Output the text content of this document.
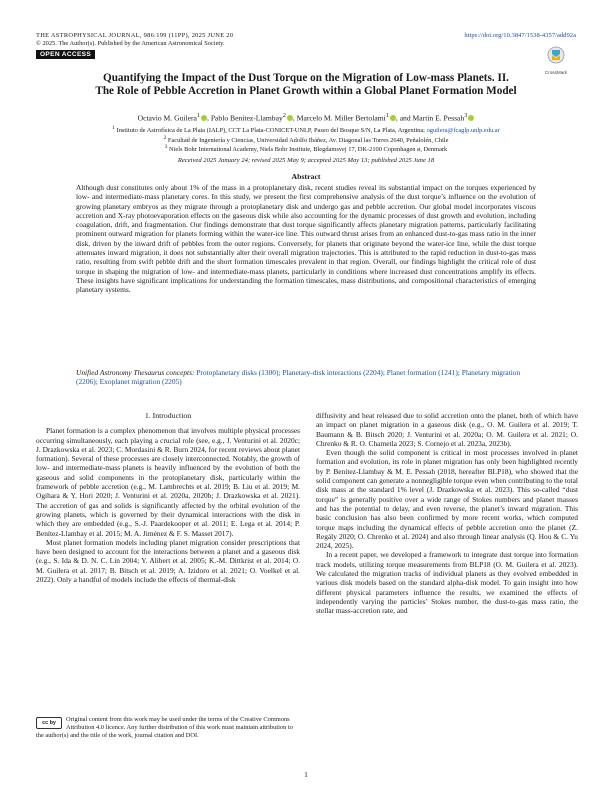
THE ASTROPHYSICAL JOURNAL, 986:199 (11PP), 2025 JUNE 20
© 2025. The Author(s). Published by the American Astronomical Society.
https://doi.org/10.3847/1538-4357/add92a
OPEN ACCESS
CrossMark
Quantifying the Impact of the Dust Torque on the Migration of Low-mass Planets. II.
The Role of Pebble Accretion in Planet Growth within a Global Planet Formation Model
Octavio M. Guilera$^1$ , Pablo Benítez-Llambay$^2$ , Marcelo M. Miller Bertolami$^1$ , and Martin E. Pessah$^3$
$^1$ Instituto de Astrofísica de La Plata (IALP), CCT La Plata-CONICET-UNLP, Paseo del Bosque S/N, La Plata, Argentina; oguilera@fcaglp.unlp.edu.ar
$^2$ Facultad de Ingeniería y Ciencias, Universidad Adolfo Ibáñez, Av. Diagonal las Torres 2640, Peñalolén, Chile
$^3$ Niels Bohr International Academy, Niels Bohr Institute, Blegdamsvej 17, DK-2100 Copenhagen ø, Denmark
Received 2025 January 24; revised 2025 May 9; accepted 2025 May 13; published 2025 June 18
Abstract
Although dust constitutes only about 1% of the mass in a protoplanetary disk, recent studies reveal its substantial impact on the torques experienced by low- and intermediate-mass planetary cores. In this study, we present the first comprehensive analysis of the dust torque’s influence on the evolution of growing planetary embryos as they migrate through a protoplanetary disk and undergo gas and pebble accretion. Our global model incorporates viscous accretion and X-ray photoevaporation effects on the gaseous disk while also accounting for the dynamic processes of dust growth and evolution, including coagulation, drift, and fragmentation. Our findings demonstrate that dust torque significantly affects planetary migration patterns, particularly facilitating prominent outward migration for planets forming within the water-ice line. This outward thrust arises from an enhanced dust-to-gas mass ratio in the inner disk, driven by the inward drift of pebbles from the outer regions. Conversely, for planets that originate beyond the water-ice line, while the dust torque attenuates inward migration, it does not substantially alter their overall migration trajectories. This is attributed to the rapid reduction in dust-to-gas mass ratio, resulting from swift pebble drift and the short formation timescales prevalent in that region. Overall, our findings highlight the critical role of dust torque in shaping the migration of low- and intermediate-mass planets, particularly in conditions where increased dust concentrations amplify its effects. These insights have significant implications for understanding the formation timescales, mass distributions, and compositional characteristics of emerging planetary systems.
Unified Astronomy Thesaurus concepts: Protoplanetary disks (1300); Planetary-disk interactions (2204); Planet formation (1241); Planetary migration (2206); Exoplanet migration (2205)

1. Introduction

Planet formation is a complex phenomenon that involves multiple physical processes occurring simultaneously, each playing a crucial role (see, e.g., J. Venturini et al. 2020c; J. Drazkowska et al. 2023; C. Mordasini & R. Burn 2024, for recent reviews about planet formation). Several of these processes are closely interconnected. Notably, the growth of low- and intermediate-mass planets is heavily influenced by the evolution of both the gaseous and solid components in the protoplanetary disk, particularly within the framework of pebble accretion (e.g., M. Lambrechts et al. 2019; B. Liu et al. 2019; M. Ogihara & Y. Hori 2020; J. Venturini et al. 2020a, 2020b; J. Drazkowska et al. 2021). The accretion of gas and solids is significantly affected by the orbital evolution of the growing planets, which is governed by their dynamical interactions with the disk in which they are embedded (e.g., S.-J. Paardekooper et al. 2011; E. Lega et al. 2014; P. Benítez-Llambay et al. 2015; M. A. Jiménez & F. S. Masset 2017).

Most planet formation models including planet migration consider prescriptions that have been designed to account for the interactions between a planet and a gaseous disk (e.g., S. Ida & D. N. C. Lin 2004; Y. Alibert et al. 2005; K.-M. Dittkrist et al. 2014; O. M. Guilera et al. 2017; B. Bitsch et al. 2019; A. Izidoro et al. 2021; O. Voelkel et al. 2022). Only a handful of models include the effects of thermal-disk

diffusivity and heat released due to solid accretion onto the planet, both of which have an impact on planet migration in a gaseous disk (e.g., O. M. Guilera et al. 2019; T. Baumann & B. Bitsch 2020; J. Venturini et al. 2020a; O. M. Guilera et al. 2021; O. Chrenko & R. O. Chametla 2023; S. Cornejo et al. 2023a, 2023b).

Even though the solid component is critical in most processes involved in planet formation and evolution, its role in planet migration has only been highlighted recently by P. Benítez-Llambay & M. E. Pessah (2018, hereafter BLP18), who showed that the solid component can generate a nonnegligible torque even when contributing to the total disk mass at the standard 1% level (J. Drazkowska et al. 2023). This so-called “dust torque” is generally positive over a wide range of Stokes numbers and planet masses and has the potential to delay, and even reverse, the planet’s inward migration. This basic conclusion has also been confirmed by more recent works, which computed torque maps including the dynamical effects of pebble accretion onto the planet (Z. Regály 2020; O. Chrenko et al. 2024) and also through linear analysis (Q. Hou & C. Yu 2024, 2025).

In a recent paper, we developed a framework to integrate dust torque into formation track models, utilizing torque measurements from BLP18 (O. M. Guilera et al. 2023). We calculated the migration tracks of individual planets as they evolved embedded in various disk models based on the standard alpha-disk model. To gain insight into how different physical parameters influence the results, we examined the effects of independently varying the particles’ Stokes number, the dust-to-gas mass ratio, the stellar mass-accretion rate, and

cc by	Original content from this work may be used under the terms of the Creative Commons Attribution 4.0 licence. Any further distribution of this work must maintain attribution to the author(s) and the title of the work, journal citation and DOI.
1
